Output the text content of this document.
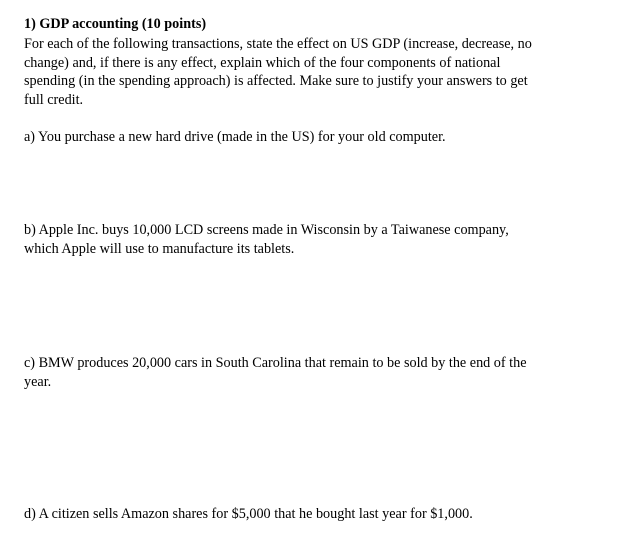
1) GDP accounting (10 points)
For each of the following transactions, state the effect on US GDP (increase, decrease, no
change) and, if there is any effect, explain which of the four components of national
spending (in the spending approach) is affected. Make sure to justify your answers to get
full credit.
a) You purchase a new hard drive (made in the US) for your old computer.
b) Apple Inc. buys 10,000 LCD screens made in Wisconsin by a Taiwanese company,
which Apple will use to manufacture its tablets.
c) BMW produces 20,000 cars in South Carolina that remain to be sold by the end of the
year.
d) A citizen sells Amazon shares for $5,000 that he bought last year for $1,000.
